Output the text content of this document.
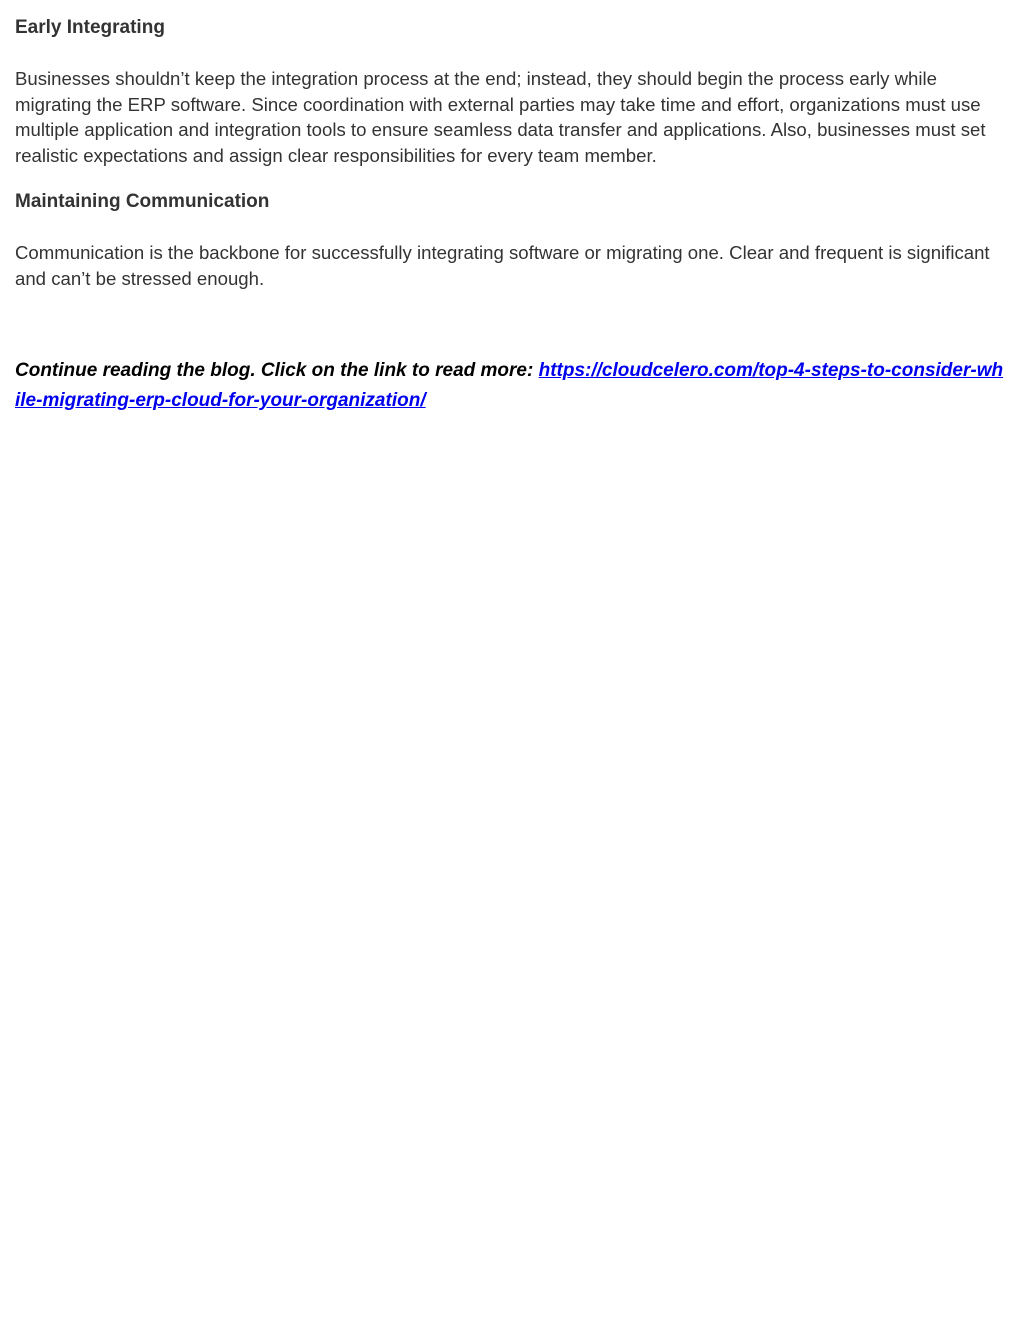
Early Integrating

Businesses shouldn’t keep the integration process at the end; instead, they should begin the process early while migrating the ERP software. Since coordination with external parties may take time and effort, organizations must use multiple application and integration tools to ensure seamless data transfer and applications. Also, businesses must set realistic expectations and assign clear responsibilities for every team member.

Maintaining Communication

Communication is the backbone for successfully integrating software or migrating one. Clear and frequent is significant and can’t be stressed enough.

Continue reading the blog. Click on the link to read more: https://cloudcelero.com/top-4-steps-to-consider-while-migrating-erp-cloud-for-your-organization/
